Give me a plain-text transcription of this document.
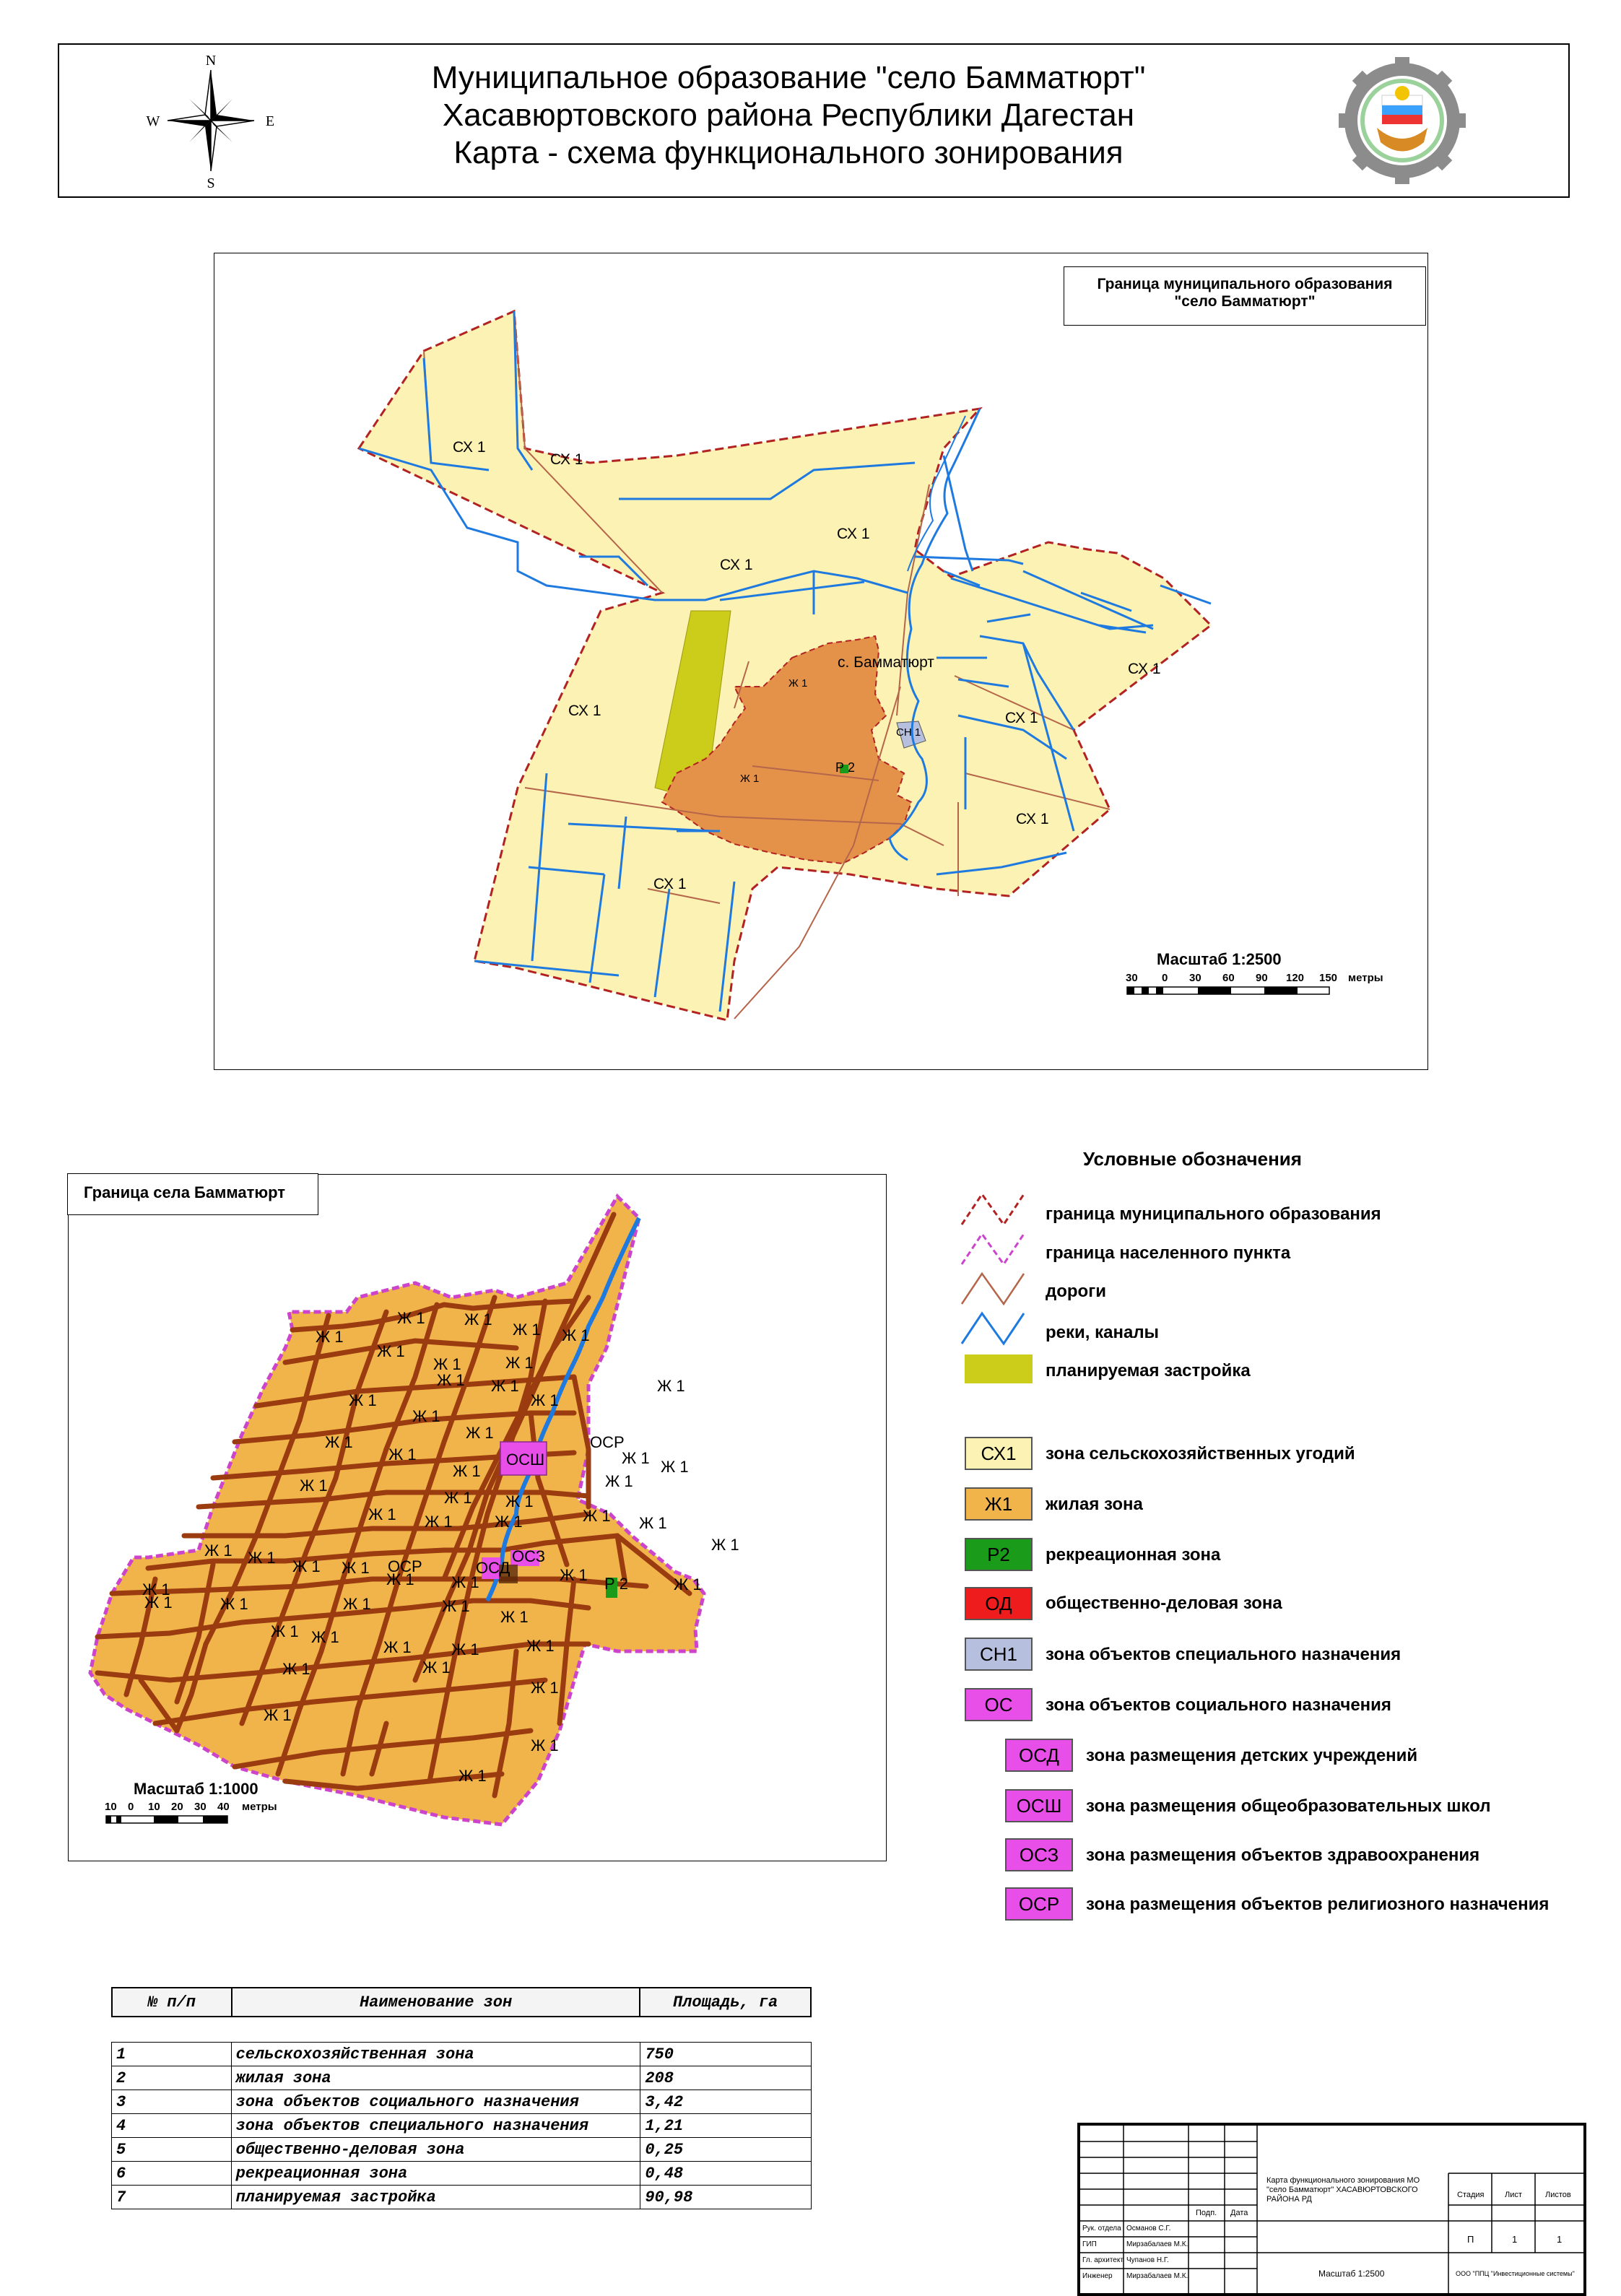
N
S
W	E
Муниципальное образование "село Бамматюрт"
Хасавюртовского района Республики Дагестан
Карта - схема функционального зонирования
Граница муниципального образования
"село Бамматюрт"
СХ 1
СХ 1
СХ 1
СХ 1
СХ 1
СХ 1
СХ 1
СХ 1
СХ 1
с. Бамматюрт
Ж 1
Ж 1
Р 2
СН 1
Масштаб 1:2500
30 0 30 60 90 120 150 метры
Граница села Бамматюрт
Ж 1
Ж 1 Ж 1
Ж 1 Ж 1
Ж 1
Ж 1	Ж 1
Ж 1 Ж 1
Ж 1
Ж 1
Ж 1
Ж 1
Ж 1
Ж 1
Ж 1	Ж 1 Ж 1
Ж 1
Ж 1	Ж 1
Ж 1 Ж 1
Ж 1	Ж 1
Ж 1	Ж 1
Ж 1
Ж 1
Ж 1 Ж 1 Ж 1 Ж 1
Ж 1 Ж 1	Ж 1
Ж 1
Ж 1
Ж 1	Ж 1
Ж 1
Ж 1
Ж 1 Ж 1
Ж 1	Ж 1	Ж 1
Ж 1
Ж 1	Ж 1
Ж 1
Ж 1
Ж 1
Ж 1
ОСШ
ОСР
ОСР
ОСЗ
ОСД
Р 2
Масштаб 1:1000
10 0 10 20 30 40 метры
Условные обозначения
граница муниципального образования
граница населенного пункта
дороги
реки, каналы
планируемая застройка
СХ1	зона сельскохозяйственных угодий
Ж1	жилая зона
Р2	рекреационная зона
ОД	общественно-деловая зона
СН1	зона объектов специального назначения
ОС	зона объектов социального назначения
ОСД	зона размещения детских учреждений
ОСШ	зона размещения общеобразовательных школ
ОСЗ	зона размещения объектов здравоохранения
ОСР	зона размещения объектов религиозного назначения
№ п/п	Наименование зон	Площадь, га
1	сельскохозяйственная зона	750
2	жилая зона	208
3	зона объектов социального назначения	3,42
4	зона объектов специального назначения	1,21
5	общественно-деловая зона	0,25
6	рекреационная зона	0,48
7	планируемая застройка	90,98
Подп. Дата
Карта функционального зонирования МО "село Бамматюрт" ХАСАВЮРТОВСКОГО РАЙОНА РД	Стадия	Лист	Листов
П	1	1
Масштаб 1:2500	ООО "ППЦ "Инвестиционные системы"
Рук. отдела Османов С.Г.
ГИП	Мирзабалаев М.К.
Гл. архитект Чупанов Н.Г.
Инженер Мирзабалаев М.К.
